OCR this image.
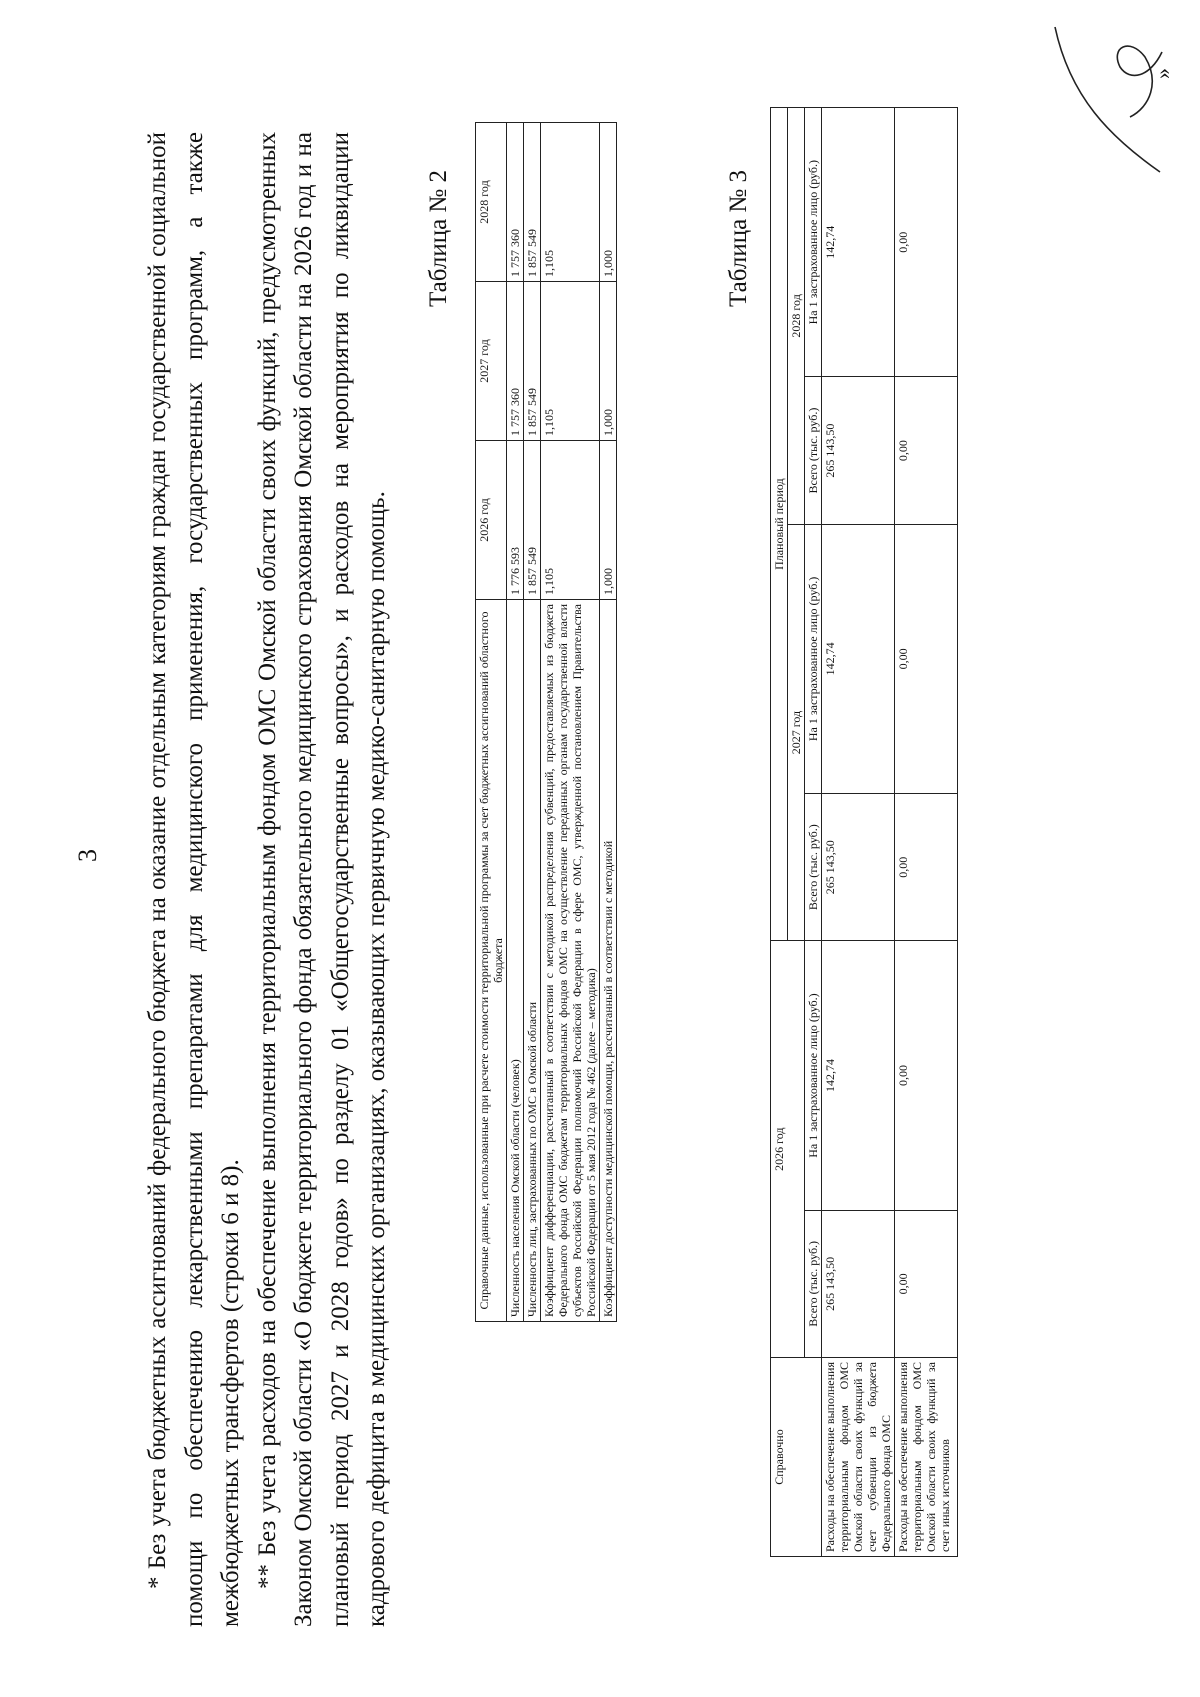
3 * Без учета бюджетных ассигнований федерального бюджета на оказание отдельным категориям граждан государственной социальной помощи по обеспечению лекарственными препаратами для медицинского применения, государственных программ, а также межбюджетных трансфертов (строки 6 и 8). ** Без учета расходов на обеспечение выполнения территориальным фондом ОМС Омской области своих функций, предусмотренных Законом Омской области «О бюджете территориального фонда обязательного медицинского страхования Омской области на 2026 год и на плановый период 2027 и 2028 годов» по разделу 01 «Общегосударственные вопросы», и расходов на мероприятия по ликвидации кадрового дефицита в медицинских организациях, оказывающих первичную медико-санитарную помощь.

Таблица № 2
Справочные данные, использованные при расчете стоимости территориальной программы за счет бюджетных ассигнований областного бюджета	2026 год	2027 год	2028 год
Численность населения Омской области (человек)	1 776 593	1 757 360	1 757 360
Численность лиц, застрахованных по ОМС в Омской области	1 857 549	1 857 549	1 857 549
Коэффициент дифференциации, рассчитанный в соответствии с методикой распределения субвенций, предоставляемых из бюджета Федерального фонда ОМС бюджетам территориальных фондов ОМС на осуществление переданных органам государственной власти субъектов Российской Федерации полномочий Российской Федерации в сфере ОМС, утвержденной постановлением Правительства Российской Федерации от 5 мая 2012 года № 462 (далее – методика)	1,105	1,105	1,105
Коэффициент доступности медицинской помощи, рассчитанный в соответствии с методикой	1,000	1,000	1,000	Таблица № 3
Справочно	2026 год		Плановый период			
			2027 год		2028 год	
	Всего (тыс. руб.)	На 1 застрахованное лицо (руб.)	Всего (тыс. руб.)	На 1 застрахованное лицо (руб.)	Всего (тыс. руб.)	На 1 застрахованное лицо (руб.)
Расходы на обеспечение выполнения территориальным фондом ОМС Омской области своих функций за счет субвенции из бюджета Федерального фонда ОМС	265 143,50	142,74	265 143,50	142,74	265 143,50	142,74
Расходы на обеспечение выполнения территориальным фондом ОМС Омской области своих функций за счет иных источников	0,00	0,00	0,00	0,00	0,00	0,00
»
